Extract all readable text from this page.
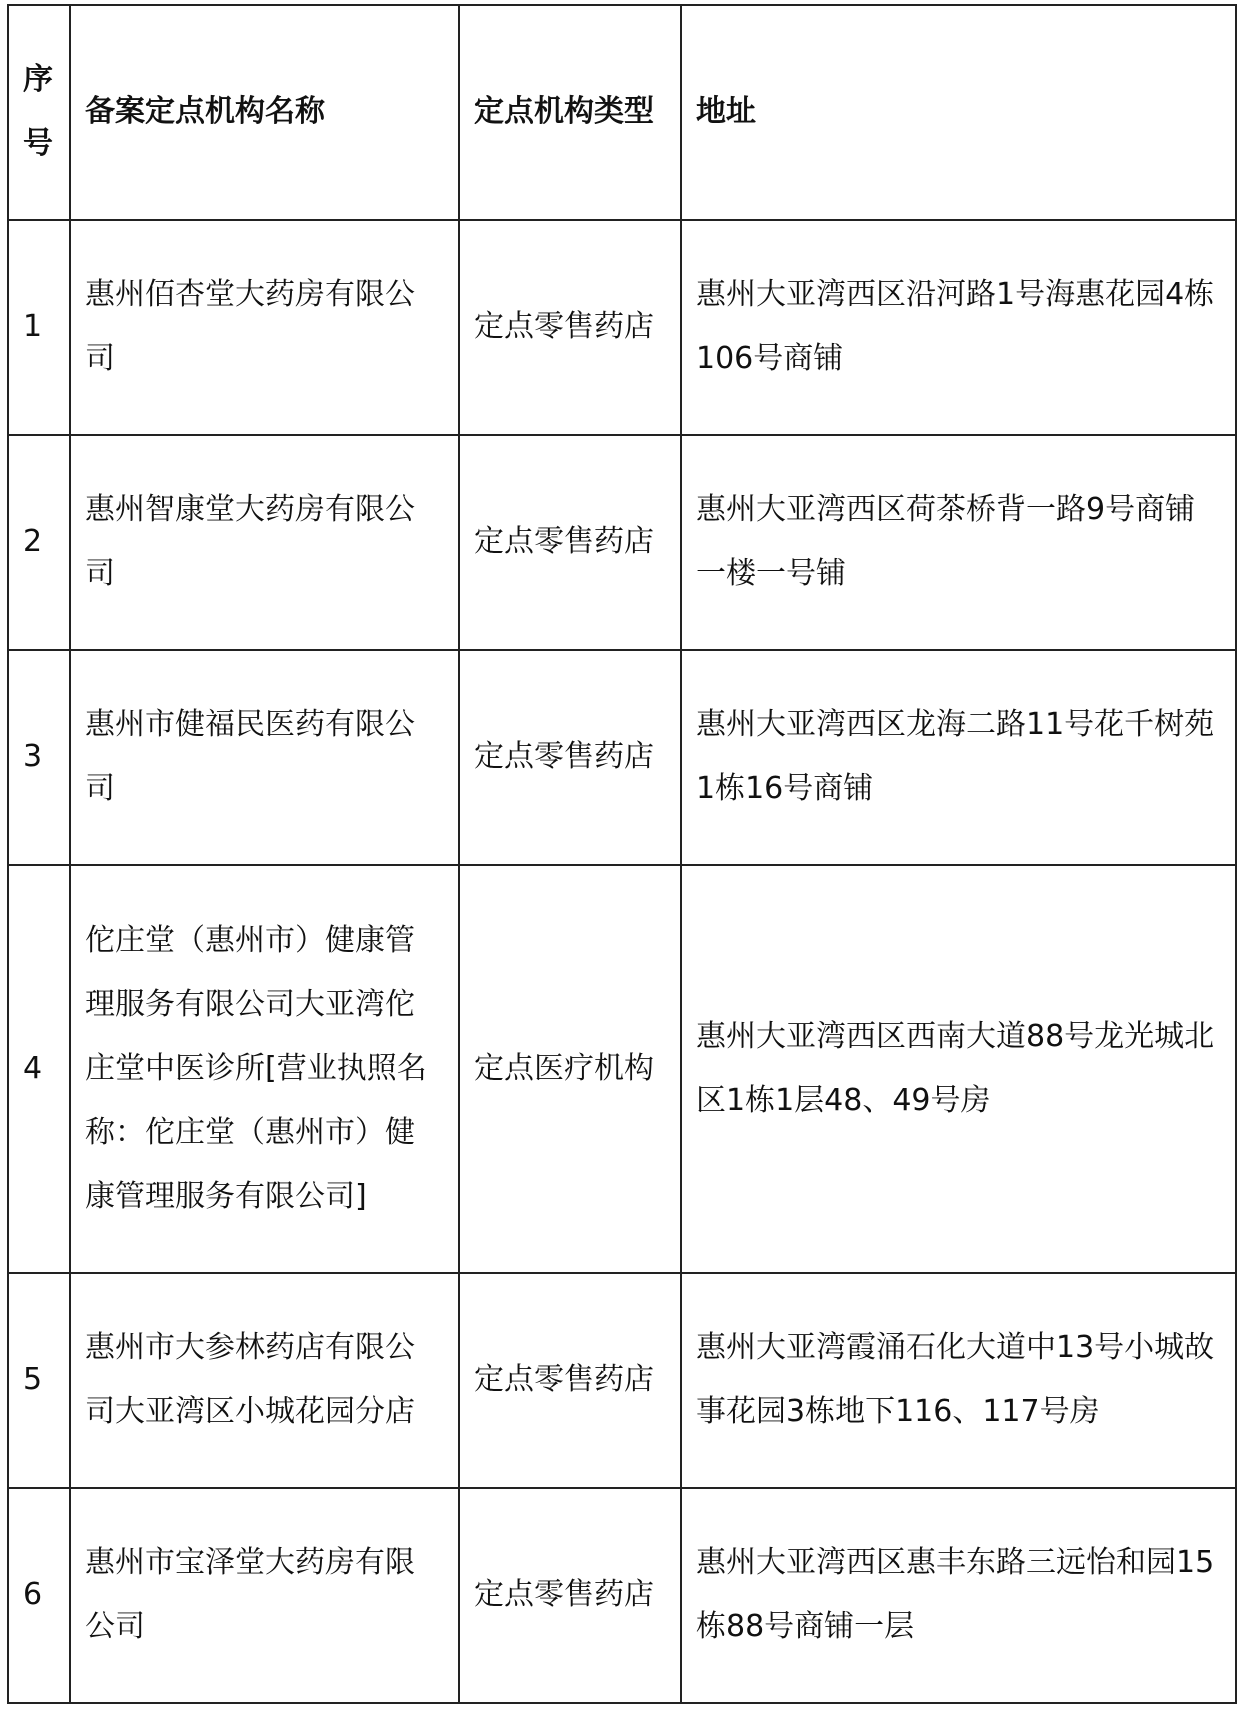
序号	备案定点机构名称	定点机构类型	地址
1	惠州佰杏堂大药房有限公司	定点零售药店	惠州大亚湾西区沿河路1号海惠花园4栋106号商铺
2	惠州智康堂大药房有限公司	定点零售药店	惠州大亚湾西区荷茶桥背一路9号商铺一楼一号铺
3	惠州市健福民医药有限公司	定点零售药店	惠州大亚湾西区龙海二路11号花千树苑1栋16号商铺
4	佗庄堂（惠州市）健康管理服务有限公司大亚湾佗庄堂中医诊所[营业执照名称：佗庄堂（惠州市）健康管理服务有限公司]	定点医疗机构	惠州大亚湾西区西南大道88号龙光城北区1栋1层48、49号房
5	惠州市大参林药店有限公司大亚湾区小城花园分店	定点零售药店	惠州大亚湾霞涌石化大道中13号小城故事花园3栋地下116、117号房
6	惠州市宝泽堂大药房有限公司	定点零售药店	惠州大亚湾西区惠丰东路三远怡和园15栋88号商铺一层
